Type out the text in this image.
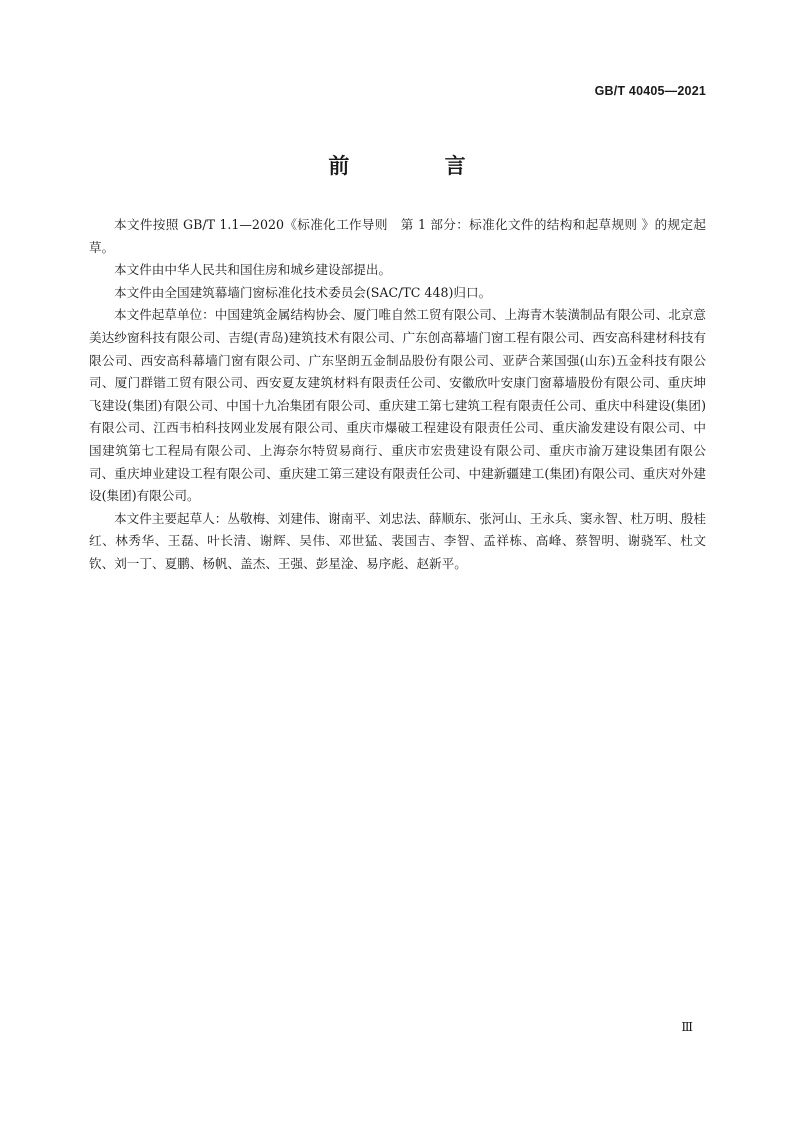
GB/T 40405—2021
前 言

本文件按照 GB/T 1.1—2020《标准化工作导则　第 1 部分：标准化文件的结构和起草规则 》的规定起草。

本文件由中华人民共和国住房和城乡建设部提出。

本文件由全国建筑幕墙门窗标准化技术委员会(SAC/TC 448)归口。

本文件起草单位：中国建筑金属结构协会、厦门唯自然工贸有限公司、上海青木装潢制品有限公司、北京意美达纱窗科技有限公司、吉缇(青岛)建筑技术有限公司、广东创高幕墙门窗工程有限公司、西安高科建材科技有限公司、西安高科幕墙门窗有限公司、广东坚朗五金制品股份有限公司、亚萨合莱国强(山东)五金科技有限公司、厦门群锴工贸有限公司、西安夏友建筑材料有限责任公司、安徽欣叶安康门窗幕墙股份有限公司、重庆坤飞建设(集团)有限公司、中国十九冶集团有限公司、重庆建工第七建筑工程有限责任公司、重庆中科建设(集团)有限公司、江西韦柏科技网业发展有限公司、重庆市爆破工程建设有限责任公司、重庆渝发建设有限公司、中国建筑第七工程局有限公司、上海奈尔特贸易商行、重庆市宏贵建设有限公司、重庆市渝万建设集团有限公司、重庆坤业建设工程有限公司、重庆建工第三建设有限责任公司、中建新疆建工(集团)有限公司、重庆对外建设(集团)有限公司。

本文件主要起草人：丛敬梅、刘建伟、谢南平、刘忠法、薛顺东、张河山、王永兵、窦永智、杜万明、殷桂红、林秀华、王磊、叶长清、谢辉、吴伟、邓世猛、裴国吉、李智、孟祥栋、高峰、蔡智明、谢骁军、杜文钦、刘一丁、夏鹏、杨帆、盖杰、王强、彭星淦、易序彪、赵新平。

Ⅲ
